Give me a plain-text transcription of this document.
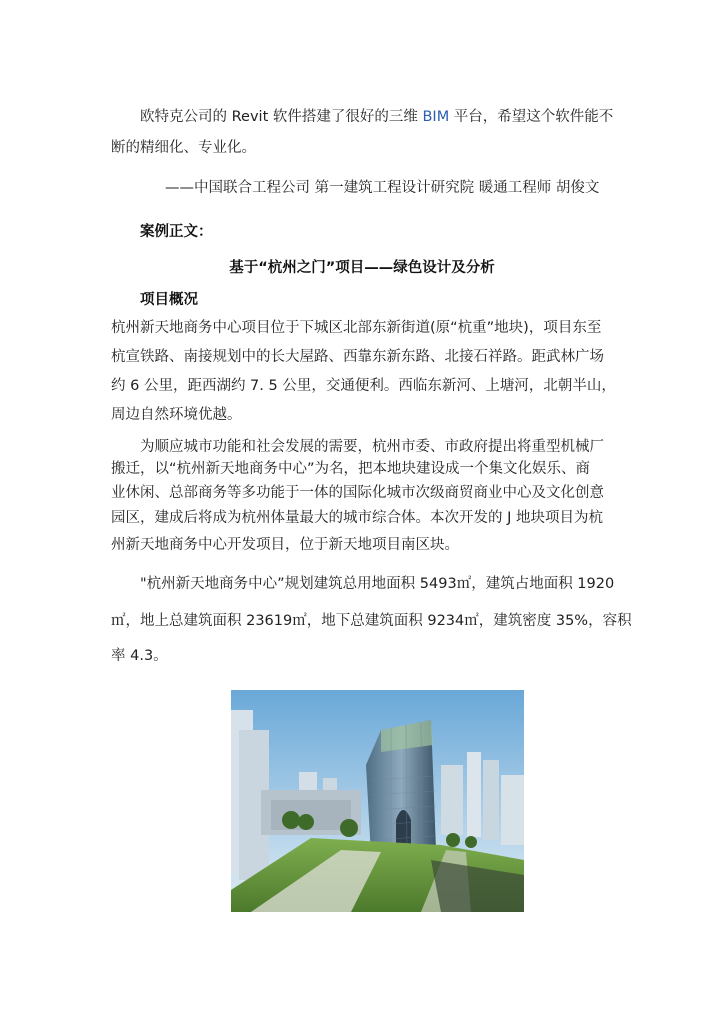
欧特克公司的 Revit 软件搭建了很好的三维 BIM 平台，希望这个软件能不
断的精细化、专业化。
——中国联合工程公司 第一建筑工程设计研究院 暖通工程师 胡俊文
案例正文：
基于“杭州之门”项目——绿色设计及分析
项目概况
杭州新天地商务中心项目位于下城区北部东新街道(原“杭重”地块)，项目东至
杭宣铁路、南接规划中的长大屋路、西靠东新东路、北接石祥路。距武林广场
约 6 公里，距西湖约 7. 5 公里，交通便利。西临东新河、上塘河，北朝半山，
周边自然环境优越。
为顺应城市功能和社会发展的需要，杭州市委、市政府提出将重型机械厂
搬迁，以“杭州新天地商务中心”为名，把本地块建设成一个集文化娱乐、商
业休闲、总部商务等多功能于一体的国际化城市次级商贸商业中心及文化创意
园区，建成后将成为杭州体量最大的城市综合体。本次开发的 J 地块项目为杭
州新天地商务中心开发项目，位于新天地项目南区块。
"杭州新天地商务中心”规划建筑总用地面积 5493㎡，建筑占地面积 1920
㎡，地上总建筑面积 23619㎡，地下总建筑面积 9234㎡，建筑密度 35%，容积
率 4.3。
